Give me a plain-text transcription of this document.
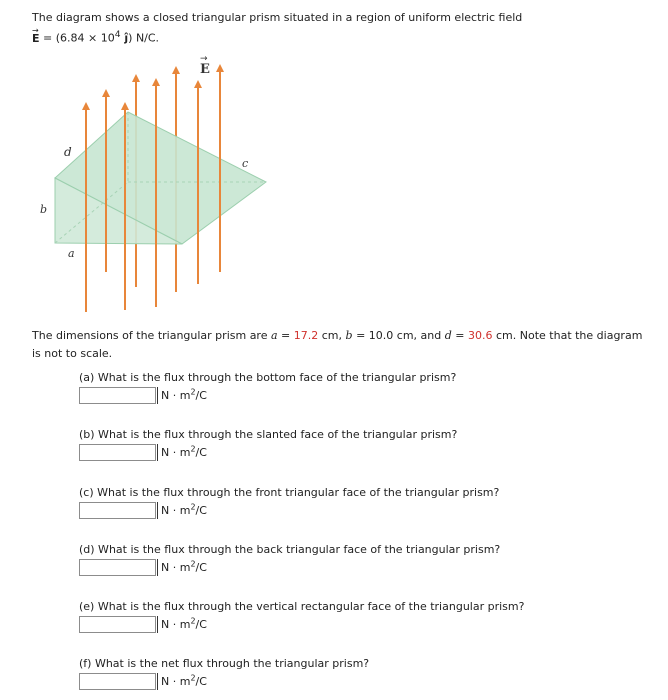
The diagram shows a closed triangular prism situated in a region of uniform electric field
→ $E = (6.84 \times 10^4$ ĵ) N/C.
E
→
d
c
b
a
The dimensions of the triangular prism are a = 17.2 cm, b = 10.0 cm, and d = 30.6 cm. Note that the diagram is not to scale.
(a) What is the flux through the bottom face of the triangular prism?
$N \cdot m^2/C$
(b) What is the flux through the slanted face of the triangular prism?
$N \cdot m^2/C$
(c) What is the flux through the front triangular face of the triangular prism?
$N \cdot m^2/C$
(d) What is the flux through the back triangular face of the triangular prism?
$N \cdot m^2/C$
(e) What is the flux through the vertical rectangular face of the triangular prism?
$N \cdot m^2/C$
(f) What is the net flux through the triangular prism?
$N \cdot m^2/C$
